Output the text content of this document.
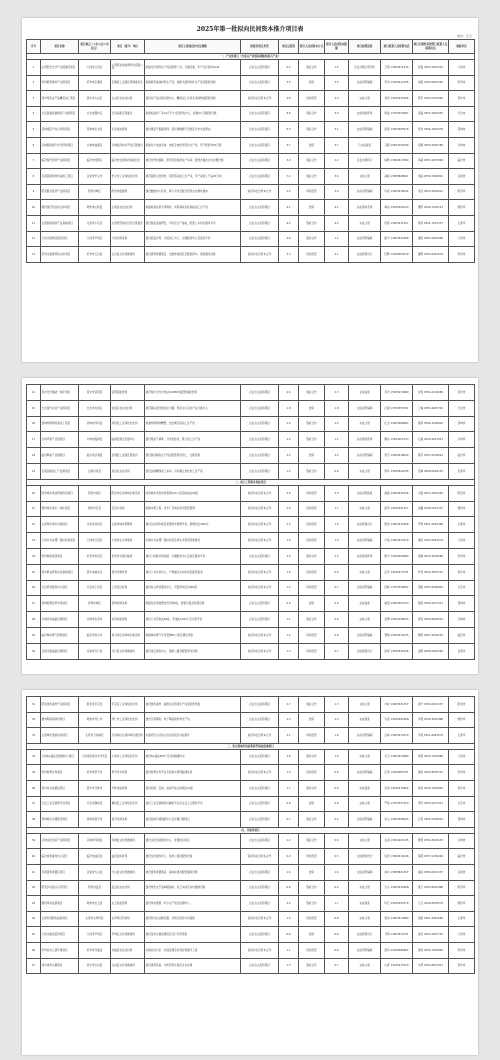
2025年第一批拟向民间资本推介项目表
单位：亿元
序号	项目名称	项目地点（×市×县/×市直县）	项目（推介）单位	项目主要建设内容及规模	拟推荐项目类型	项目总投资	拟引入民间资本方式	拟引入民间资本数额	项目前期进展	项目联系人及联系电话	项目合规性审批部门联系人及联系电话	填报单位
一、产业类项目（含重点产业链和战略性新兴产业）												
1	山西阳光光伏产业园建设项目	大同市云州区	山西阳光新能源科技有限公司	新建光伏组件生产线及配套厂房、仓储设施，年产光伏组件2GW	企业自主投资项目	5.2	股权合作	1.5	正在办理立项手续	王明 13903521234	张强 0352-2031234	大同市
2	忻州新型建材产业园项目	忻州市定襄县	定襄县工业园区管理委员会	新建新型墙体材料生产线、装配式建筑构件生产线及配套设施	企业自主投资项目	3.5	独资	3.5	完成可研编制	李华 13935012345	赵刚 0350-6022345	忻州市
3	晋中特色农产品精深加工项目	晋中市太谷区	太谷区农业农村局	建设农产品冷链仓储中心、精深加工车间及电商物流配套设施	政府和社会资本合作	2.8	特许经营	2.0	完成立项	刘洋 13835423456	陈军 0354-6233456	晋中市
4	长治高端装备制造产业园项目	长治市潞州区	长治高新区管委会	新建标准化厂房12万平方米及研发中心、检测中心等配套设施	企业自主投资项目	8.6	股权合作	4.0	完成用地预审	周斌 13703554567	吴磊 0355-2024567	长治市
5	晋城煤层气综合利用项目	晋城市沁水县	沁水县能源局	建设煤层气集输管网、液化调峰储气设施及分布式能源站	企业自主投资项目	6.3	股权合作	3.1	完成可研编制	孙涛 13603565678	郑伟 0356-4025678	晋城市
6	运城新能源汽车零部件项目	运城市盐湖区	运城经济技术开发区管委会	新建动力电池壳体、电机及电控零部件生产线，年产配套件50万套	企业自主投资项目	4.7	独资	4.7	已完成备案	马超 13834106789	何静 0359-2026789	运城市
7	临汾现代医药产业园项目	临汾市尧都区	临汾市发展和改革委员会	建设中药材提取、原料药及制剂生产车间，配套仓储及污水处理设施	企业自主投资项目	3.9	股权合作	2.2	正在办理环评	杨帆 13994517890	冯敏 0357-2037890	临汾市
8	吕梁铝镁新材料深加工项目	吕梁市孝义市	孝义市工业和信息化局	建设铝镁合金型材、板带箔深加工生产线，年产深加工产品20万吨	企业自主投资项目	7.4	股权合作	3.6	完成立项	高峰 13835848901	徐丽 0358-7048901	吕梁市
9	阳泉数字经济产业园项目	阳泉市城区	阳泉市数据局	建设数据中心机房、算力平台及数字经济企业孵化载体	政府和社会资本合作	5.5	特许经营	3.0	完成可研编制	许亮 13903539012	邓洁 0353-2029012	阳泉市
10	朔州现代牧业综合体项目	朔州市山阴县	山阴县农业农村局	新建标准化奶牛养殖场、饲草基地及乳制品加工生产线	企业自主投资项目	4.1	独资	4.1	完成用地手续	韩冰 13835490123	曹阳 0349-7030123	朔州市
11	太原智能制造产业基地项目	太原市小店区	山西转型综改示范区管委会	建设智能装备研发、中试及生产基地，配套公共技术服务平台	企业自主投资项目	9.2	股权合作	4.5	完成立项	彭程 13903511357	蒋雯 0351-7031357	太原市
12	大同冷链物流园区项目	大同市平城区	大同市商务局	建设低温冷库、分拣加工中心、冷链配送中心及信息平台	企业自主投资项目	2.6	股权合作	1.2	完成可研编制	谢宁 13903522468	潘雪 0352-5022468	大同市
13	忻州文旅康养综合体项目	忻州市五台县	五台县文化和旅游局	建设康养度假酒店、文旅体验街区及配套停车、游客服务设施	政府和社会资本合作	3.3	特许经营	2.1	完成规划设计	田野 13935083579	董辉 0350-6543579	忻州市
14	晋中光伏储能一体化项目	晋中市昔阳县	昔阳县能源局	建设集中式光伏电站100MW及配套储能设施	企业自主投资项目	4.6	股权合作	2.3	完成备案	苏杰 13935474680	沈悦 0354-4134680	晋中市
15	长治现代农业产业园项目	长治市屯留区	屯留区农业农村局	建设高标准设施农业大棚、育苗中心及农产品分拣中心	企业自主投资项目	1.8	独资	1.8	完成可研编制	吕强 13703555791	丁琳 0355-4625791	长治市
16	晋城特种钢材深加工项目	晋城市泽州县	泽州县工业和信息化局	新建特种钢材精整、热处理及深加工生产线	企业自主投资项目	5.9	股权合作	2.5	完成立项	任杰 13603566802	姜琪 0356-3036802	晋城市
17	运城苹果产业链项目	运城市临猗县	临猗县果业发展中心	建设果品气调库、分选包装线、果汁加工生产线	企业自主投资项目	2.4	股权合作	1.1	完成用地预审	魏东 13834107913	石磊 0359-4027913	运城市
18	临汾陶瓷产业园项目	临汾市洪洞县	洪洞县工业园区管委会	建设高档陶瓷生产线及配套原料加工、仓储设施	企业自主投资项目	3.2	独资	3.2	完成可研编制	贾宇 13994518024	薛芳 0357-6238024	临汾市
19	吕梁杂粮加工产业园项目	吕梁市岚县	岚县农业农村局	建设杂粮精深加工车间、马铃薯主食化加工生产线	企业自主投资项目	1.5	股权合作	0.8	完成立项	钟华 13835849135	范琳 0358-6549135	吕梁市
二、重大工程和补短板项目												
20	阳泉城市供热管网改造项目	阳泉市郊区	阳泉市住房和城乡建设局	改造城市老旧供热管网120公里及换热站40座	政府和社会资本合作	3.6	特许经营	2.0	完成可研批复	黄磊 13903530246	方圆 0353-2030246	阳泉市
21	朔州城乡供水一体化项目	朔州市应县	应县水务局	新建水源工程、净水厂及城乡供水配套管网	政府和社会资本合作	2.9	特许经营	1.7	完成立项	陆军 13835491357	金鑫 0349-5031357	朔州市
22	太原城市停车设施项目	太原市迎泽区	太原市城乡管理局	建设立体停车楼及智慧停车管理平台，新增泊位3000个	政府和社会资本合作	2.2	特许经营	1.5	完成规划设计	殷浩 13903512468	罗琦 0351-4042468	太原市
23	大同污水处理厂提标改造项目	大同市云冈区	大同市生态环境局	实施污水处理厂提标改造及再生水利用设施建设	政府和社会资本合作	1.9	特许经营	1.0	完成可研编制	卢斌 13903523579	秦雨 0352-6023579	大同市
24	忻州物流枢纽项目	忻州市忻府区	忻州市交通运输局	建设公铁联运物流园、仓储配送中心及信息服务平台	企业自主投资项目	4.4	股权合作	2.2	完成用地预审	顾宁 13935084680	蔡琳 0350-3034680	忻州市
25	晋中职业教育实训基地项目	晋中市榆次区	晋中市教育局	建设公共实训中心、产教融合实训车间及配套宿舍	政府和社会资本合作	1.6	特许经营	0.9	完成立项	汪洋 13935475791	叶青 0354-3035791	晋中市
26	长治养老服务中心项目	长治市上党区	上党区民政局	建设综合养老服务中心，设置养老床位800张	政府和社会资本合作	1.2	特许经营	0.7	完成可研编制	邱峰 13703556802	邵敏 0355-8036802	长治市
27	晋城智慧农贸市场项目	晋城市城区	晋城市商务局	新建及改造智慧农贸市场8处，配套冷链及检测设施	企业自主投资项目	0.9	独资	0.9	完成备案	崔凯 13603567913	程丽 0356-2037913	晋城市
28	运城充电基础设施项目	运城市永济市	永济市能源局	建设公共充电站60座、充电桩1200个及运营平台	企业自主投资项目	1.1	股权合作	0.6	完成立项	袁博 13834108024	龚雪 0359-8028024	运城市
29	临汾城市燃气管网项目	临汾市侯马市	侯马市住房和城乡建设局	新建城市燃气中压管网85公里及调压设施	政府和社会资本合作	1.4	特许经营	0.8	完成可研编制	黎明 13994519135	陶然 0357-4229135	临汾市
30	吕梁文旅基础设施项目	吕梁市交口县	交口县文化和旅游局	建设景区游客中心、旅游公路及配套停车设施	政府和社会资本合作	1.3	特许经营	0.7	完成规划设计	常青 13835840246	温婷 0358-5030246	吕梁市
31	阳泉绿色建材产业园项目	阳泉市平定县	平定县工业和信息化局	建设绿色建材、固废综合利用生产线及配套设施	企业自主投资项目	2.7	股权合作	1.3	完成立项	丰收 13903531357	康宁 0353-6031357	阳泉市
32	朔州陶瓷新材料项目	朔州市怀仁市	怀仁市工业和信息化局	建设日用陶瓷、电子陶瓷新材料生产线	企业自主投资项目	2.3	独资	2.3	完成备案	毛毅 13835492468	尹晨 0349-3032468	朔州市
33	太原城市更新改造项目	太原市万柏林区	万柏林区住房和城乡建设局	实施老旧小区综合改造及街区功能提升	政府和社会资本合作	3.1	特许经营	1.6	完成可研编制	岳峰 13903513579	齐悦 0351-6043579	太原市
三、重点领域补短板和新型基础设施项目												
34	大同5G基站及数据中心项目	大同市经济技术开发区	大同市工业和信息化局	建设5G基站800个及边缘数据中心	企业自主投资项目	3.8	股权合作	1.9	完成立项	龙飞 13903524680	尚青 0352-7024680	大同市
35	忻州智慧水务项目	忻州市原平市	原平市水利局	建设智慧水务平台及供排水管网监测系统	政府和社会资本合作	1.0	特许经营	0.6	完成可研编制	江涛 13935085791	雷鸣 0350-8035791	忻州市
36	晋中综合能源站项目	晋中市介休市	介休市能源局	建设加氢、充电、加油气综合能源站10座	企业自主投资项目	1.7	股权合作	0.9	完成备案	宋扬 13935476802	柯岚 0354-7036802	晋中市
37	长治工业互联网平台项目	长治市襄垣县	襄垣县工业和信息化局	建设工业互联网标识解析节点及企业上云服务平台	企业自主投资项目	0.8	独资	0.8	完成立项	严格 13703557913	季风 0355-5037913	长治市
38	晋城城乡冷链配送项目	晋城市高平市	高平市商务局	建设县域冷链集配中心及乡镇冷链网点	企业自主投资项目	0.7	股权合作	0.4	完成可研编制	祁山 13603568024	万里 0356-5038024	晋城市
四、其他类项目												
39	运城文化创意产业园项目	运城市芮城县	芮城县文化和旅游局	建设文化创意孵化中心、非遗展示街区	企业自主投资项目	1.2	股权合作	0.6	完成立项	关羽 13834109135	柳青 0359-3029135	运城市
40	临汾体育健身中心项目	临汾市曲沃县	曲沃县体育局	建设全民健身中心、体育公园及配套设施	政府和社会资本合作	0.9	特许经营	0.5	完成规划设计	包拯 13994510246	海燕 0357-5230246	临汾市
41	吕梁康养度假区项目	吕梁市方山县	方山县文化和旅游局	建设康养度假酒店、森林步道及配套服务设施	企业自主投资项目	1.6	独资	1.6	完成可研编制	林木 13835841357	春雨 0358-6031357	吕梁市
42	阳泉乡村振兴示范项目	阳泉市盂县	盂县农业农村局	建设特色农产品种植基地、加工车间及乡村旅游设施	企业自主投资项目	0.8	股权合作	0.4	完成立项	石头 13903532468	夏天 0353-8032468	阳泉市
43	朔州风电装备项目	朔州市右玉县	右玉县能源局	建设风电塔筒、叶片生产线及检测中心	企业自主投资项目	3.4	股权合作	1.7	完成备案	风行 13835493579	云飞 0349-8033579	朔州市
44	太原科创孵化基地项目	太原市尖草坪区	尖草坪区科技局	建设科技企业孵化器、众创空间及中试基地	政府和社会资本合作	1.5	特许经营	0.8	完成立项	智远 13903514680	创新 0351-3044680	太原市
45	大同文旅夜经济项目	大同市平城区	平城区文化和旅游局	建设夜间文旅消费街区及灯光秀设施	企业自主投资项目	0.6	独资	0.6	完成规划设计	月明 13903525791	星辰 0352-2035791	大同市
46	忻州农村人居环境项目	忻州市河曲县	河曲县农业农村局	实施农村污水、垃圾处理及村容村貌提升工程	政府和社会资本合作	1.1	特许经营	0.6	完成可研编制	清河 13935086802	绿洲 0350-7036802	忻州市
47	晋中康养小镇项目	晋中市左权县	左权县文化和旅游局	建设康养民宿、中医药养生馆及生态步道	企业自主投资项目	1.3	股权合作	0.7	完成立项	山青 13935477913	水秀 0354-8037913	晋中市
